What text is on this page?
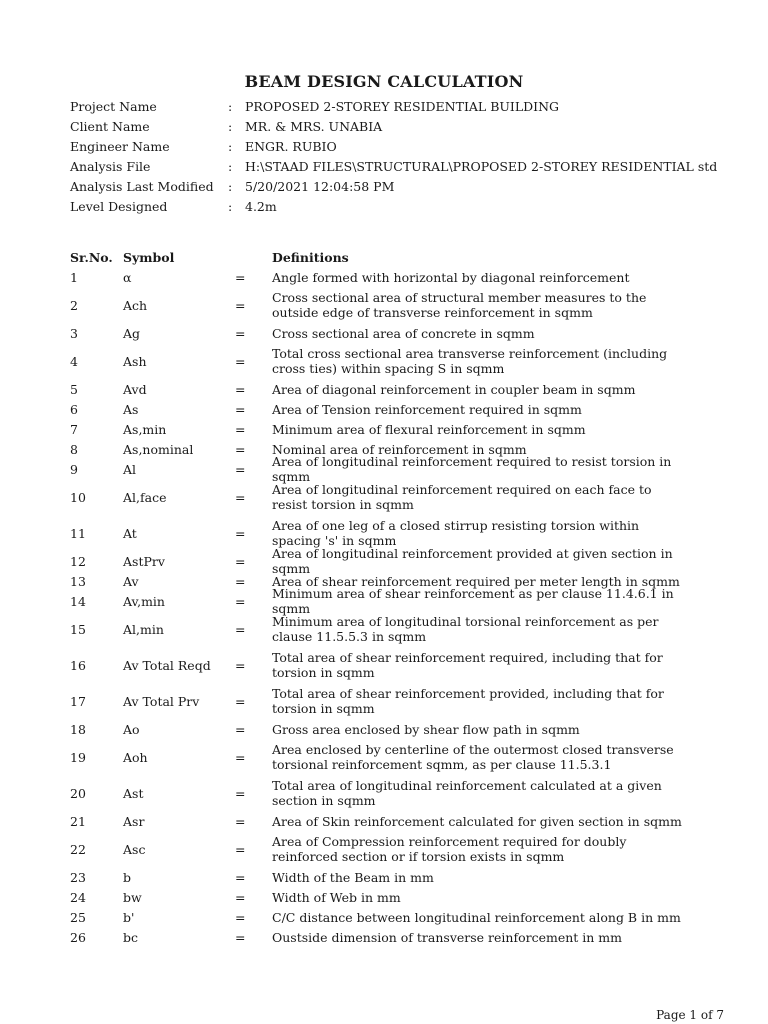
BEAM DESIGN CALCULATION
Project Name	:	PROPOSED 2-STOREY RESIDENTIAL BUILDING
Client Name	:	MR. & MRS. UNABIA
Engineer Name	:	ENGR. RUBIO
Analysis File	:	H:\STAAD FILES\STRUCTURAL\PROPOSED 2-STOREY RESIDENTIAL std
Analysis Last Modified	:	5/20/2021 12:04:58 PM
Level Designed	:	4.2m
Sr.No. Symbol	Definitions
1	α	=	Angle formed with horizontal by diagonal reinforcement
2	Ach	=	Cross sectional area of structural member measures to the outside edge of transverse reinforcement in sqmm
3	Ag	=	Cross sectional area of concrete in sqmm
4	Ash	=	Total cross sectional area transverse reinforcement (including cross ties) within spacing S in sqmm
5	Avd	=	Area of diagonal reinforcement in coupler beam in sqmm
6	As	=	Area of Tension reinforcement required in sqmm
7	As,min	=	Minimum area of flexural reinforcement in sqmm
8	As,nominal	=	Nominal area of reinforcement in sqmm
9	Al	=	Area of longitudinal reinforcement required to resist torsion in sqmm
10	Al,face	=	Area of longitudinal reinforcement required on each face to resist torsion in sqmm
11	At	=	Area of one leg of a closed stirrup resisting torsion within spacing 's' in sqmm
12	AstPrv	=	Area of longitudinal reinforcement provided at given section in sqmm
13	Av	=	Area of shear reinforcement required per meter length in sqmm
14	Av,min	=	Minimum area of shear reinforcement as per clause 11.4.6.1 in sqmm
15	Al,min	=	Minimum area of longitudinal torsional reinforcement as per clause 11.5.5.3 in sqmm
16	Av Total Reqd	=	Total area of shear reinforcement required, including that for torsion in sqmm
17	Av Total Prv	=	Total area of shear reinforcement provided, including that for torsion in sqmm
18	Ao	=	Gross area enclosed by shear flow path in sqmm
19	Aoh	=	Area enclosed by centerline of the outermost closed transverse torsional reinforcement sqmm, as per clause 11.5.3.1
20	Ast	=	Total area of longitudinal reinforcement calculated at a given section in sqmm
21	Asr	=	Area of Skin reinforcement calculated for given section in sqmm
22	Asc	=	Area of Compression reinforcement required for doubly reinforced section or if torsion exists in sqmm
23	b	=	Width of the Beam in mm
24	bw	=	Width of Web in mm
25	b'	=	C/C distance between longitudinal reinforcement along B in mm
26	bc	=	Oustside dimension of transverse reinforcement in mm
Page 1 of 7
